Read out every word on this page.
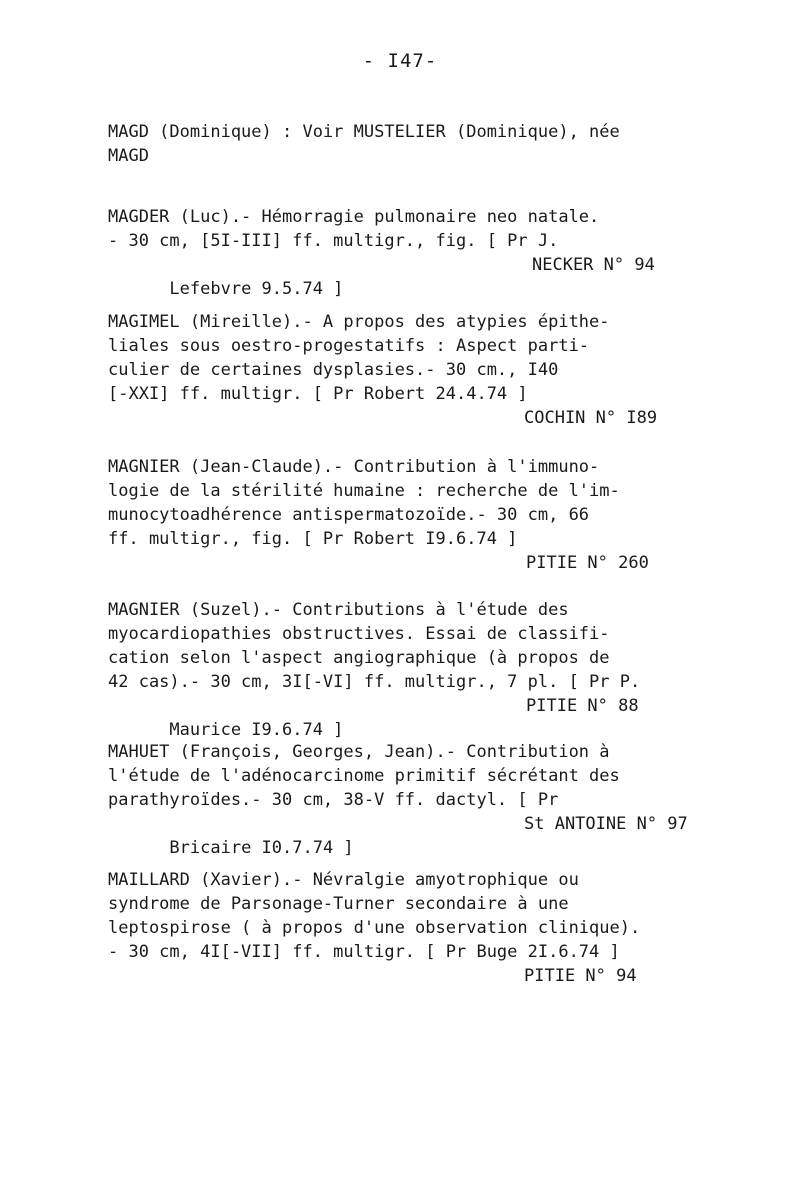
- I47-
MAGD (Dominique) : Voir MUSTELIER (Dominique), née
MAGD
MAGDER (Luc).- Hémorragie pulmonaire neo natale.
- 30 cm, [5I-III] ff. multigr., fig. [ Pr J.

Lefebvre 9.5.74 ]

NECKER N° 94

MAGIMEL (Mireille).- A propos des atypies épithe-
liales sous oestro-progestatifs : Aspect parti-
culier de certaines dysplasies.- 30 cm., I40
[-XXI] ff. multigr. [ Pr Robert 24.4.74 ]
COCHIN N° I89
MAGNIER (Jean-Claude).- Contribution à l'immuno-
logie de la stérilité humaine : recherche de l'im-
munocytoadhérence antispermatozoïde.- 30 cm, 66
ff. multigr., fig. [ Pr Robert I9.6.74 ]
PITIE N° 260
MAGNIER (Suzel).- Contributions à l'étude des
myocardiopathies obstructives. Essai de classifi-
cation selon l'aspect angiographique (à propos de
42 cas).- 30 cm, 3I[-VI] ff. multigr., 7 pl. [ Pr P.

Maurice I9.6.74 ]

PITIE N° 88

MAHUET (François, Georges, Jean).- Contribution à
l'étude de l'adénocarcinome primitif sécrétant des
parathyroïdes.- 30 cm, 38-V ff. dactyl. [ Pr

Bricaire I0.7.74 ]

St ANTOINE N° 97

MAILLARD (Xavier).- Névralgie amyotrophique ou
syndrome de Parsonage-Turner secondaire à une
leptospirose ( à propos d'une observation clinique).
- 30 cm, 4I[-VII] ff. multigr. [ Pr Buge 2I.6.74 ]
PITIE N° 94
